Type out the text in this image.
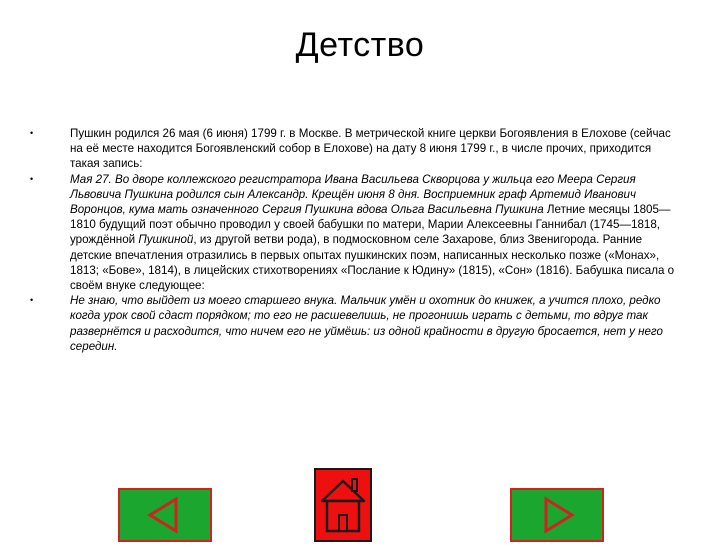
Детство
•	Пушкин родился 26 мая (6 июня) 1799 г. в Москве. В метрической книге церкви Богоявления в Елохове (сейчас на её месте находится Богоявленский собор в Елохове) на дату 8 июня 1799 г., в числе прочих, приходится такая запись:
•	Мая 27. Во дворе коллежского регистратора Ивана Васильева Скворцова у жильца его Меера Сергия Львовича Пушкина родился сын Александр. Крещён июня 8 дня. Восприемник граф Артемид Иванович Воронцов, кума мать означенного Сергия Пушкина вдова Ольга Васильевна Пушкина Летние месяцы 1805—1810 будущий поэт обычно проводил у своей бабушки по матери, Марии Алексеевны Ганнибал (1745—1818, урождённой Пушкиной, из другой ветви рода), в подмосковном селе Захарове, близ Звенигорода. Ранние детские впечатления отразились в первых опытах пушкинских поэм, написанных несколько позже («Монах», 1813; «Бове», 1814), в лицейских стихотворениях «Послание к Юдину» (1815), «Сон» (1816). Бабушка писала о своём внуке следующее:
•	Не знаю, что выйдет из моего старшего внука. Мальчик умён и охотник до книжек, а учится плохо, редко когда урок свой сдаст порядком; то его не расшевелишь, не прогонишь играть с детьми, то вдруг так развернётся и расходится, что ничем его не уймёшь: из одной крайности в другую бросается, нет у него середин.
